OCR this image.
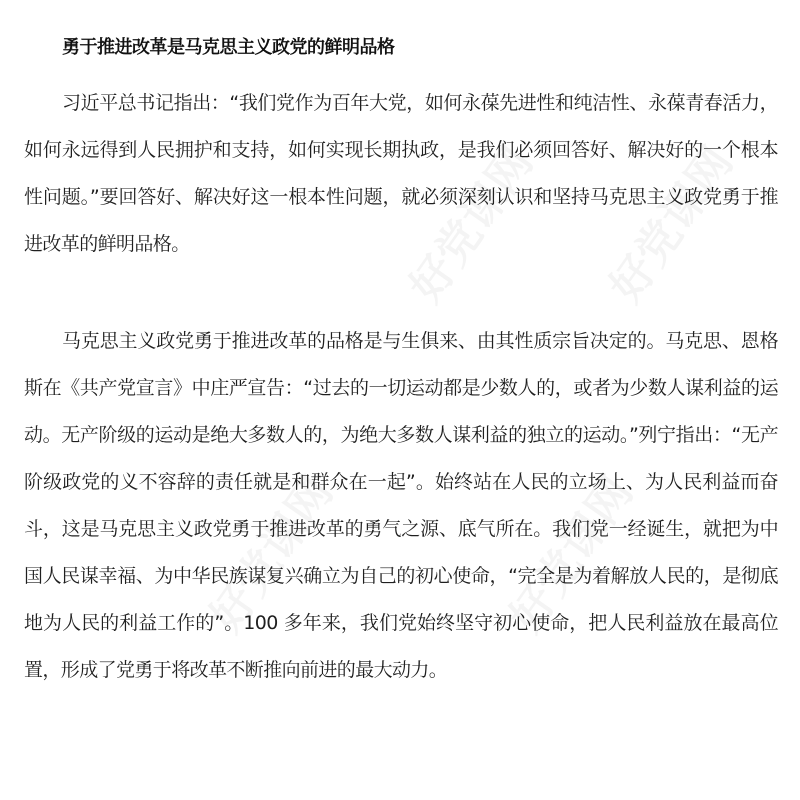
勇于推进改革是马克思主义政党的鲜明品格

习近平总书记指出：“我们党作为百年大党，如何永葆先进性和纯洁性、永葆青春活力，如何永远得到人民拥护和支持，如何实现长期执政，是我们必须回答好、解决好的一个根本性问题。”要回答好、解决好这一根本性问题，就必须深刻认识和坚持马克思主义政党勇于推进改革的鲜明品格。

马克思主义政党勇于推进改革的品格是与生俱来、由其性质宗旨决定的。马克思、恩格斯在《共产党宣言》中庄严宣告：“过去的一切运动都是少数人的，或者为少数人谋利益的运动。无产阶级的运动是绝大多数人的，为绝大多数人谋利益的独立的运动。”列宁指出：“无产阶级政党的义不容辞的责任就是和群众在一起”。始终站在人民的立场上、为人民利益而奋斗，这是马克思主义政党勇于推进改革的勇气之源、底气所在。我们党一经诞生，就把为中国人民谋幸福、为中华民族谋复兴确立为自己的初心使命，“完全是为着解放人民的，是彻底地为人民的利益工作的”。100 多年来，我们党始终坚守初心使命，把人民利益放在最高位置，形成了党勇于将改革不断推向前进的最大动力。
